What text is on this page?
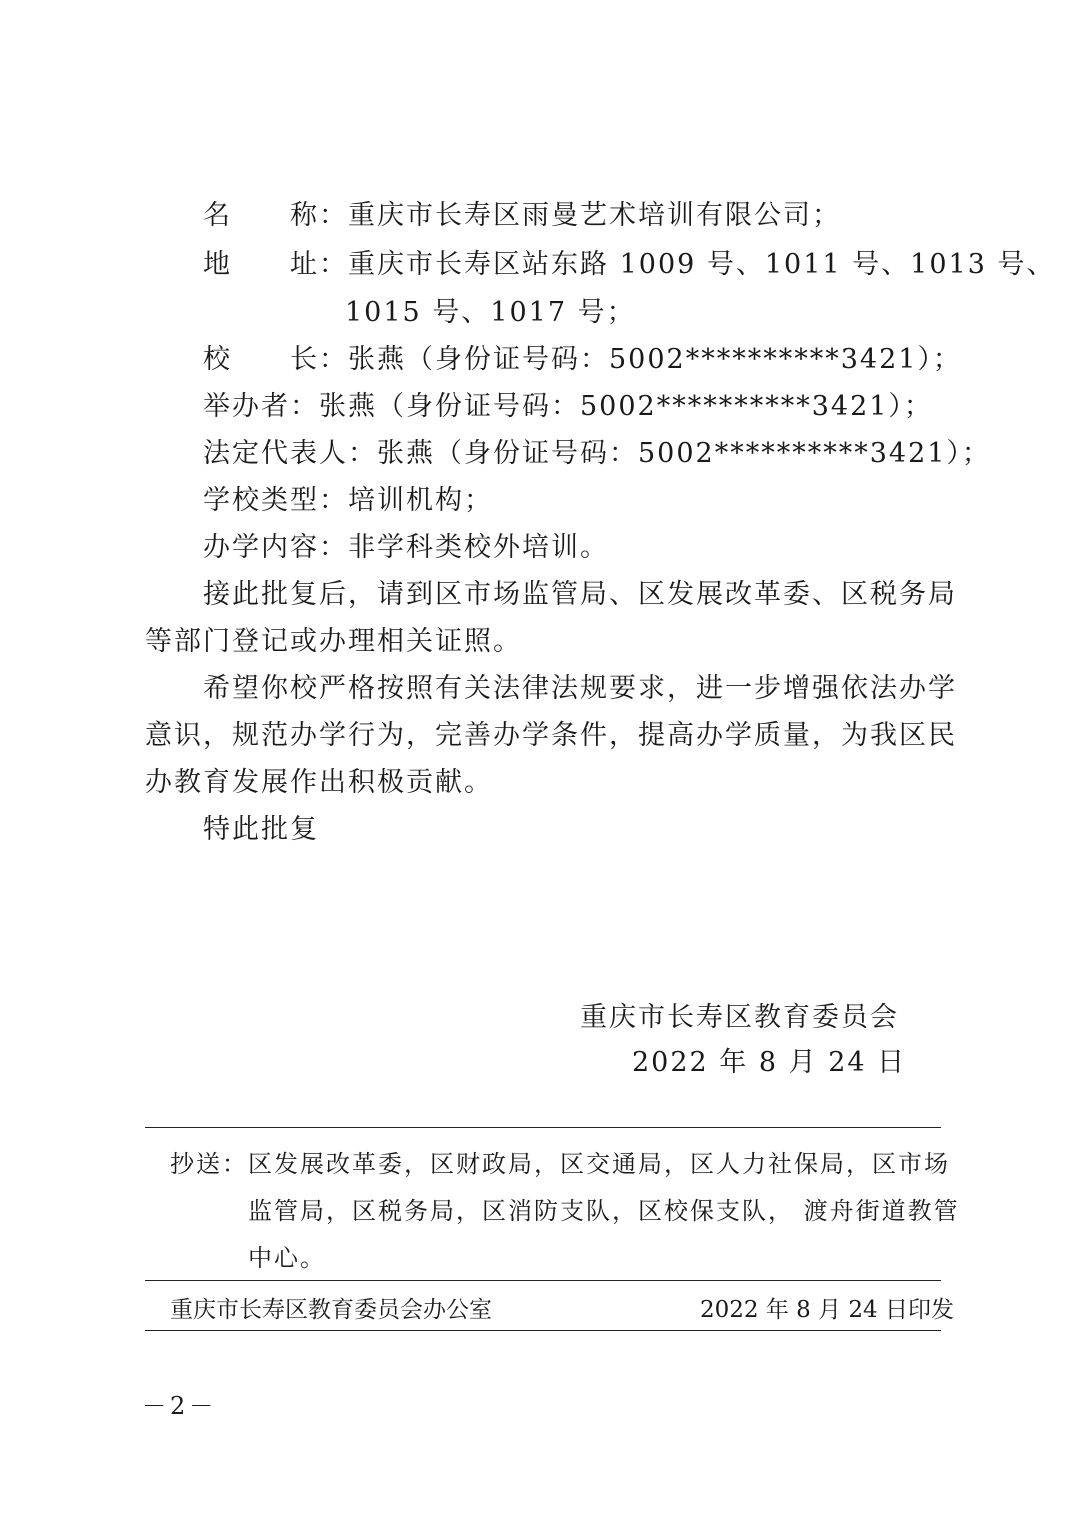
名　　称：重庆市长寿区雨曼艺术培训有限公司；
地　　址：重庆市长寿区站东路 1009 号、1011 号、1013 号、
1015 号、1017 号；
校　　长：张燕（身份证号码：5002**********3421）；
举办者：张燕（身份证号码：5002**********3421）；
法定代表人：张燕（身份证号码：5002**********3421）；
学校类型：培训机构；
办学内容：非学科类校外培训。
接此批复后，请到区市场监管局、区发展改革委、区税务局
等部门登记或办理相关证照。
希望你校严格按照有关法律法规要求，进一步增强依法办学
意识，规范办学行为，完善办学条件，提高办学质量，为我区民
办教育发展作出积极贡献。
特此批复
重庆市长寿区教育委员会
2022 年 8 月 24 日
抄送：区发展改革委，区财政局，区交通局，区人力社保局，区市场
监管局，区税务局，区消防支队，区校保支队， 渡舟街道教管
中心。
重庆市长寿区教育委员会办公室	2022 年 8 月 24 日印发
－2－
